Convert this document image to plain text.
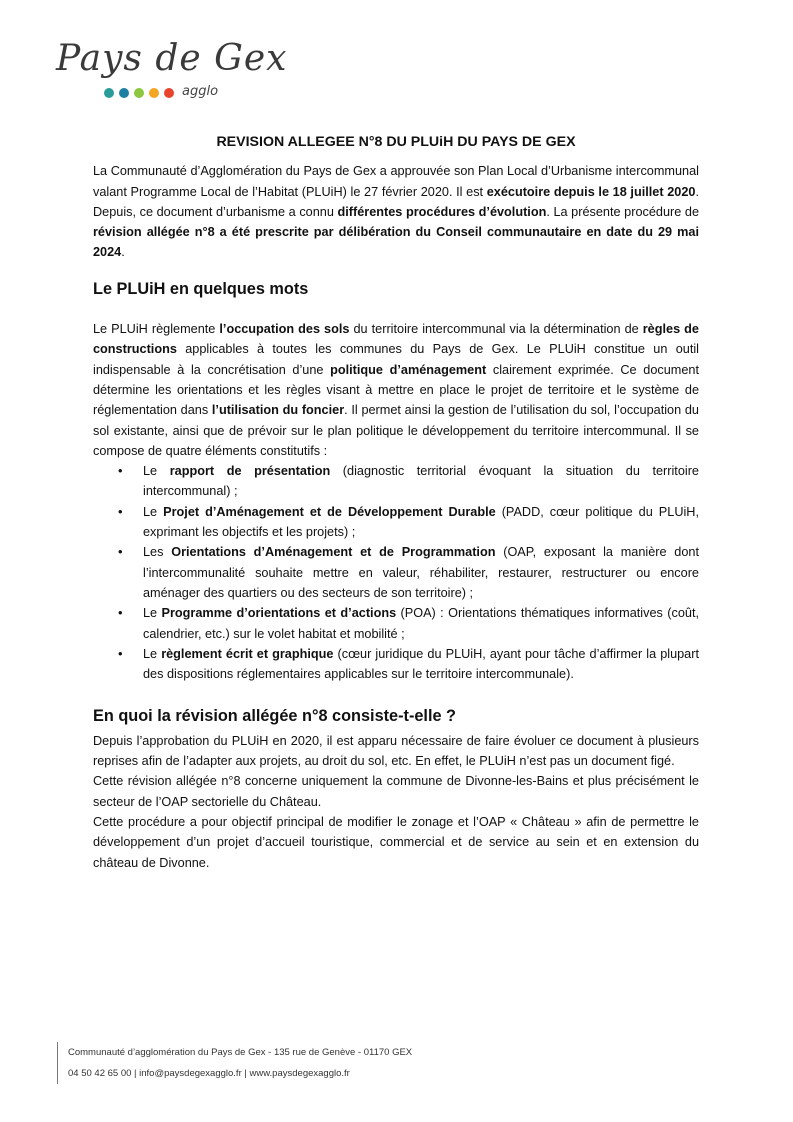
Pays de Gex
agglo
REVISION ALLEGEE N°8 DU PLUiH DU PAYS DE GEX

La Communauté d’Agglomération du Pays de Gex a approuvée son Plan Local d’Urbanisme intercommunal valant Programme Local de l’Habitat (PLUiH) le 27 février 2020. Il est exécutoire depuis le 18 juillet 2020. Depuis, ce document d’urbanisme a connu différentes procédures d’évolution. La présente procédure de révision allégée n°8 a été prescrite par délibération du Conseil communautaire en date du 29 mai 2024.

Le PLUiH en quelques mots

Le PLUiH règlemente l’occupation des sols du territoire intercommunal via la détermination de règles de constructions applicables à toutes les communes du Pays de Gex. Le PLUiH constitue un outil indispensable à la concrétisation d’une politique d’aménagement clairement exprimée. Ce document détermine les orientations et les règles visant à mettre en place le projet de territoire et le système de réglementation dans l’utilisation du foncier. Il permet ainsi la gestion de l’utilisation du sol, l’occupation du sol existante, ainsi que de prévoir sur le plan politique le développement du territoire intercommunal. Il se compose de quatre éléments constitutifs :

• Le rapport de présentation (diagnostic territorial évoquant la situation du territoire intercommunal) ;
• Le Projet d’Aménagement et de Développement Durable (PADD, cœur politique du PLUiH, exprimant les objectifs et les projets) ;
• Les Orientations d’Aménagement et de Programmation (OAP, exposant la manière dont l’intercommunalité souhaite mettre en valeur, réhabiliter, restaurer, restructurer ou encore aménager des quartiers ou des secteurs de son territoire) ;
• Le Programme d’orientations et d’actions (POA) : Orientations thématiques informatives (coût, calendrier, etc.) sur le volet habitat et mobilité ;
• Le règlement écrit et graphique (cœur juridique du PLUiH, ayant pour tâche d’affirmer la plupart des dispositions réglementaires applicables sur le territoire intercommunale).
En quoi la révision allégée n°8 consiste-t-elle ?

Depuis l’approbation du PLUiH en 2020, il est apparu nécessaire de faire évoluer ce document à plusieurs reprises afin de l’adapter aux projets, au droit du sol, etc. En effet, le PLUiH n’est pas un document figé.

Cette révision allégée n°8 concerne uniquement la commune de Divonne-les-Bains et plus précisément le secteur de l’OAP sectorielle du Château.

Cette procédure a pour objectif principal de modifier le zonage et l’OAP « Château » afin de permettre le développement d’un projet d’accueil touristique, commercial et de service au sein et en extension du château de Divonne.

Communauté d’agglomération du Pays de Gex - 135 rue de Genève - 01170 GEX
04 50 42 65 00 | info@paysdegexagglo.fr | www.paysdegexagglo.fr
